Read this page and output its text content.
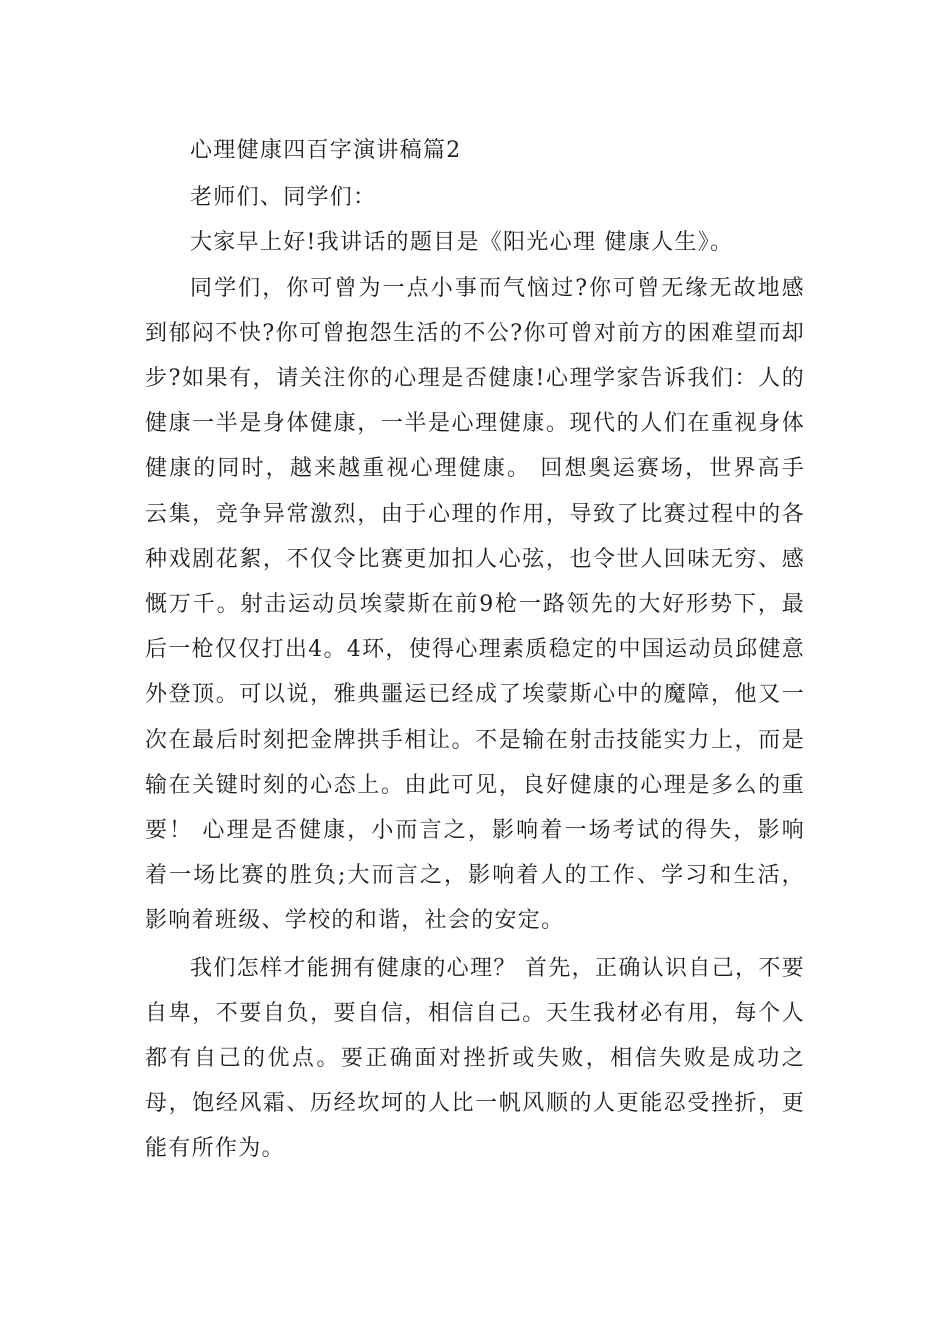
心理健康四百字演讲稿篇2

老师们、同学们：

大家早上好!我讲话的题目是《阳光心理 健康人生》。

同学们，你可曾为一点小事而气恼过?你可曾无缘无故地感到郁闷不快?你可曾抱怨生活的不公?你可曾对前方的困难望而却步?如果有，请关注你的心理是否健康!心理学家告诉我们：人的健康一半是身体健康，一半是心理健康。现代的人们在重视身体健康的同时，越来越重视心理健康。 回想奥运赛场，世界高手云集，竞争异常激烈，由于心理的作用，导致了比赛过程中的各种戏剧花絮，不仅令比赛更加扣人心弦，也令世人回味无穷、感慨万千。射击运动员埃蒙斯在前9枪一路领先的大好形势下，最后一枪仅仅打出4。4环，使得心理素质稳定的中国运动员邱健意外登顶。可以说，雅典噩运已经成了埃蒙斯心中的魔障，他又一次在最后时刻把金牌拱手相让。不是输在射击技能实力上，而是输在关键时刻的心态上。由此可见，良好健康的心理是多么的重要！ 心理是否健康，小而言之，影响着一场考试的得失，影响着一场比赛的胜负;大而言之，影响着人的工作、学习和生活，影响着班级、学校的和谐，社会的安定。

我们怎样才能拥有健康的心理？ 首先，正确认识自己，不要自卑，不要自负，要自信，相信自己。天生我材必有用，每个人都有自己的优点。要正确面对挫折或失败，相信失败是成功之母，饱经风霜、历经坎坷的人比一帆风顺的人更能忍受挫折，更能有所作为。
